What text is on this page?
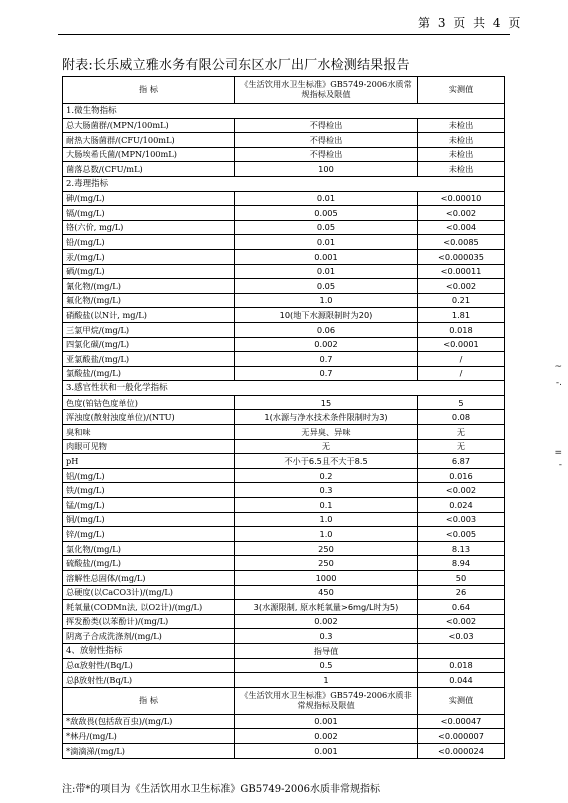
第 3 页 共 4 页
附表:长乐威立雅水务有限公司东区水厂出厂水检测结果报告
指 标	《生活饮用水卫生标准》GB5749-2006水质常规指标及限值	实测值
1.微生物指标		
总大肠菌群/(MPN/100mL)	不得检出	未检出
耐热大肠菌群/(CFU/100mL)	不得检出	未检出
大肠埃希氏菌/(MPN/100mL)	不得检出	未检出
菌落总数/(CFU/mL)	100	未检出
2.毒理指标		
砷/(mg/L)	0.01	<0.00010
镉/(mg/L)	0.005	<0.002
铬(六价, mg/L)	0.05	<0.004
铅/(mg/L)	0.01	<0.0085
汞/(mg/L)	0.001	<0.000035
硒/(mg/L)	0.01	<0.00011
氰化物/(mg/L)	0.05	<0.002
氟化物/(mg/L)	1.0	0.21
硝酸盐(以N计, mg/L)	10(地下水源限制时为20)	1.81
三氯甲烷/(mg/L)	0.06	0.018
四氯化碳/(mg/L)	0.002	<0.0001
亚氯酸盐/(mg/L)	0.7	/
氯酸盐/(mg/L)	0.7	/
3.感官性状和一般化学指标		
色度(铂钴色度单位)	15	5
浑浊度(散射浊度单位)/(NTU)	1(水源与净水技术条件限制时为3)	0.08
臭和味	无异臭、异味	无
肉眼可见物	无	无
pH	不小于6.5且不大于8.5	6.87
铝/(mg/L)	0.2	0.016
铁/(mg/L)	0.3	<0.002
锰/(mg/L)	0.1	0.024
铜/(mg/L)	1.0	<0.003
锌/(mg/L)	1.0	<0.005
氯化物/(mg/L)	250	8.13
硫酸盐/(mg/L)	250	8.94
溶解性总固体/(mg/L)	1000	50
总硬度(以CaCO3计)/(mg/L)	450	26
耗氧量(CODMn法, 以O2计)/(mg/L)	3(水源限制, 原水耗氧量>6mg/L时为5)	0.64
挥发酚类(以苯酚计)/(mg/L)	0.002	<0.002
阴离子合成洗涤剂/(mg/L)	0.3	<0.03
4、放射性指标	指导值	
总α放射性/(Bq/L)	0.5	0.018
总β放射性/(Bq/L)	1	0.044
指 标	《生活饮用水卫生标准》GB5749-2006水质非常规指标及限值	实测值
*敌敌畏(包括敌百虫)/(mg/L)	0.001	<0.00047
*林丹/(mg/L)	0.002	<0.000007
*滴滴涕/(mg/L)	0.001	<0.000024
注:带*的项目为《生活饮用水卫生标准》GB5749-2006水质非常规指标
~
-.
=
-
